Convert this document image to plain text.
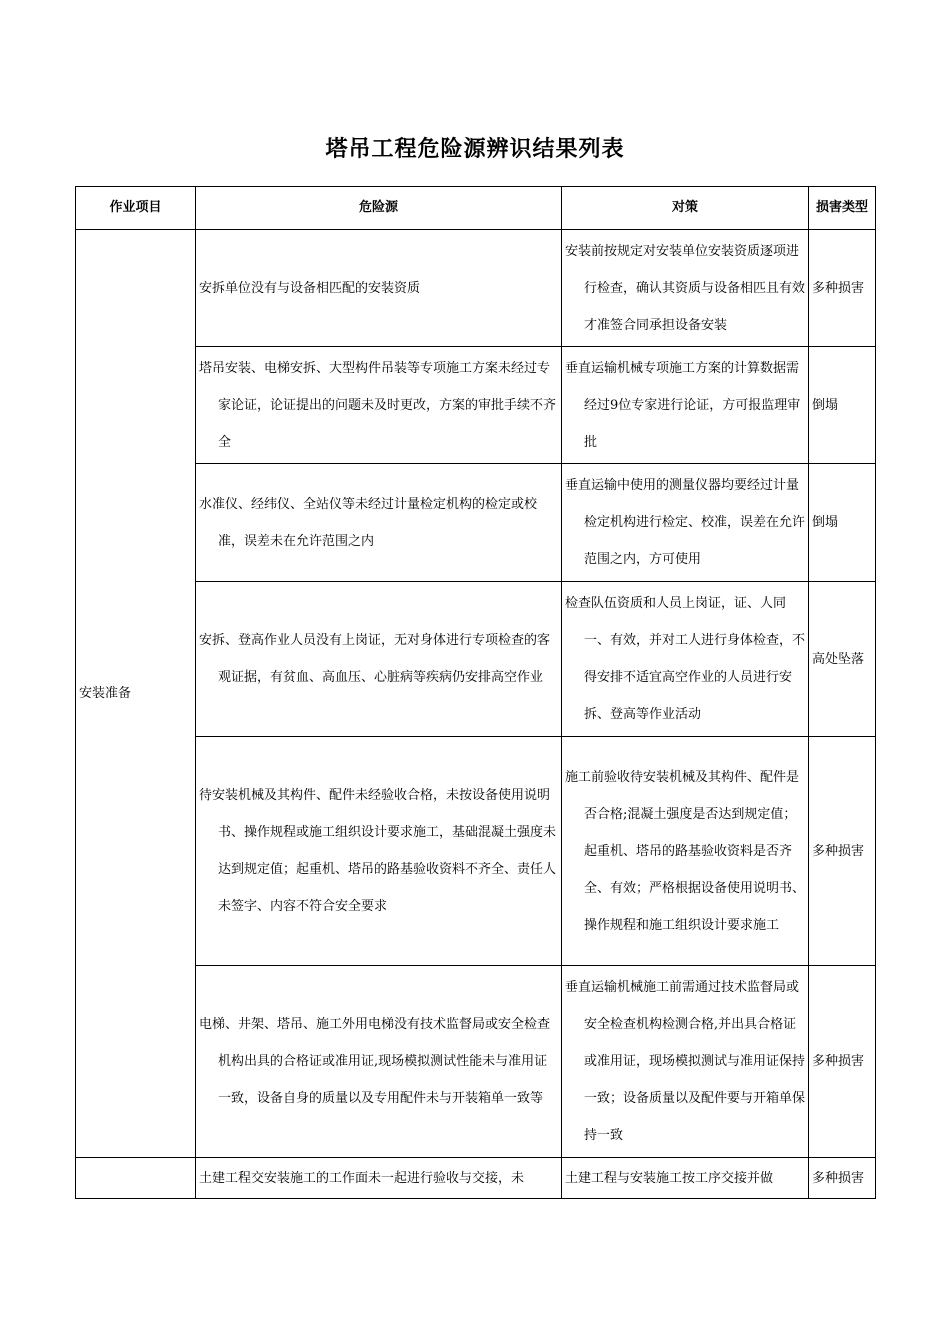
塔吊工程危险源辨识结果列表
作业项目	危险源	对策	损害类型
安装准备	安拆单位没有与设备相匹配的安装资质	安装前按规定对安装单位安装资质逐项进行检查，确认其资质与设备相匹且有效才准签合同承担设备安装	多种损害
	塔吊安装、电梯安拆、大型构件吊装等专项施工方案未经过专家论证，论证提出的问题未及时更改，方案的审批手续不齐全	垂直运输机械专项施工方案的计算数据需经过9位专家进行论证，方可报监理审批	倒塌
	水准仪、经纬仪、全站仪等未经过计量检定机构的检定或校准，误差未在允许范围之内	垂直运输中使用的测量仪器均要经过计量检定机构进行检定、校准，误差在允许范围之内，方可使用	倒塌
	安拆、登高作业人员没有上岗证，无对身体进行专项检查的客观证据，有贫血、高血压、心脏病等疾病仍安排高空作业	检查队伍资质和人员上岗证，证、人同一、有效，并对工人进行身体检查，不得安排不适宜高空作业的人员进行安拆、登高等作业活动	高处坠落
	待安装机械及其构件、配件未经验收合格，未按设备使用说明书、操作规程或施工组织设计要求施工，基础混凝土强度未达到规定值；起重机、塔吊的路基验收资料不齐全、责任人未签字、内容不符合安全要求	施工前验收待安装机械及其构件、配件是否合格;混凝土强度是否达到规定值；起重机、塔吊的路基验收资料是否齐全、有效；严格根据设备使用说明书、操作规程和施工组织设计要求施工	多种损害
	电梯、井架、塔吊、施工外用电梯没有技术监督局或安全检查机构出具的合格证或准用证,现场模拟测试性能未与准用证一致，设备自身的质量以及专用配件未与开装箱单一致等	垂直运输机械施工前需通过技术监督局或安全检查机构检测合格,并出具合格证或准用证，现场模拟测试与准用证保持一致；设备质量以及配件要与开箱单保持一致	多种损害
	土建工程交安装施工的工作面未一起进行验收与交接，未	土建工程与安装施工按工序交接并做	多种损害
